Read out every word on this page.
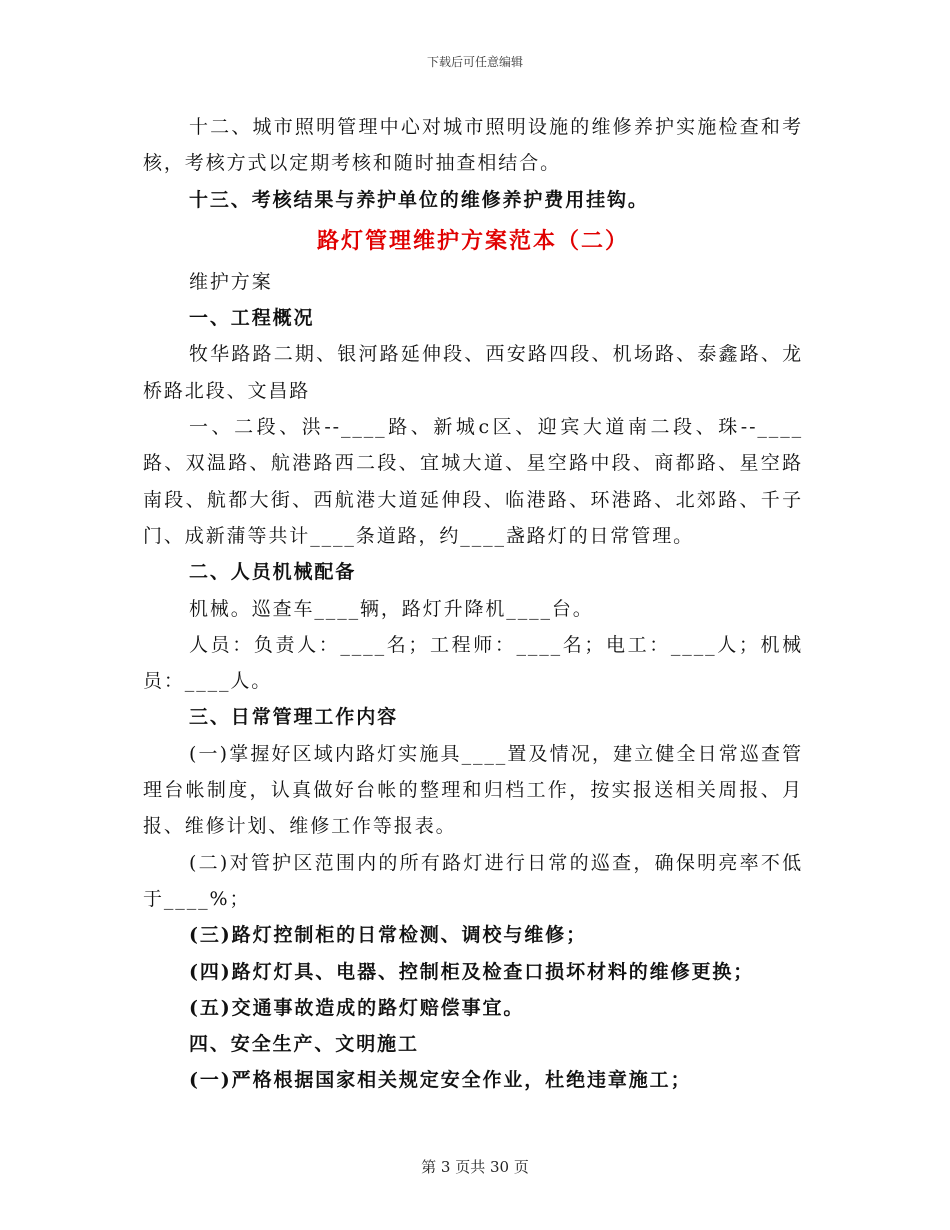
下载后可任意编辑

十二、城市照明管理中心对城市照明设施的维修养护实施检查和考核，考核方式以定期考核和随时抽查相结合。

十三、考核结果与养护单位的维修养护费用挂钩。

路灯管理维护方案范本（二）

维护方案

一、工程概况

牧华路路二期、银河路延伸段、西安路四段、机场路、泰鑫路、龙桥路北段、文昌路

一、二段、洪--____路、新城c区、迎宾大道南二段、珠--____路、双温路、航港路西二段、宜城大道、星空路中段、商都路、星空路南段、航都大街、西航港大道延伸段、临港路、环港路、北郊路、千子门、成新蒲等共计____条道路，约____盏路灯的日常管理。

二、人员机械配备

机械。巡查车____辆，路灯升降机____台。

人员：负责人：____名；工程师：____名；电工：____人；机械员：____人。

三、日常管理工作内容

(一)掌握好区域内路灯实施具____置及情况，建立健全日常巡查管理台帐制度，认真做好台帐的整理和归档工作，按实报送相关周报、月报、维修计划、维修工作等报表。

(二)对管护区范围内的所有路灯进行日常的巡查，确保明亮率不低于____%；

(三)路灯控制柜的日常检测、调校与维修；

(四)路灯灯具、电器、控制柜及检查口损坏材料的维修更换；

(五)交通事故造成的路灯赔偿事宜。

四、安全生产、文明施工

(一)严格根据国家相关规定安全作业，杜绝违章施工；

第 3 页共 30 页
